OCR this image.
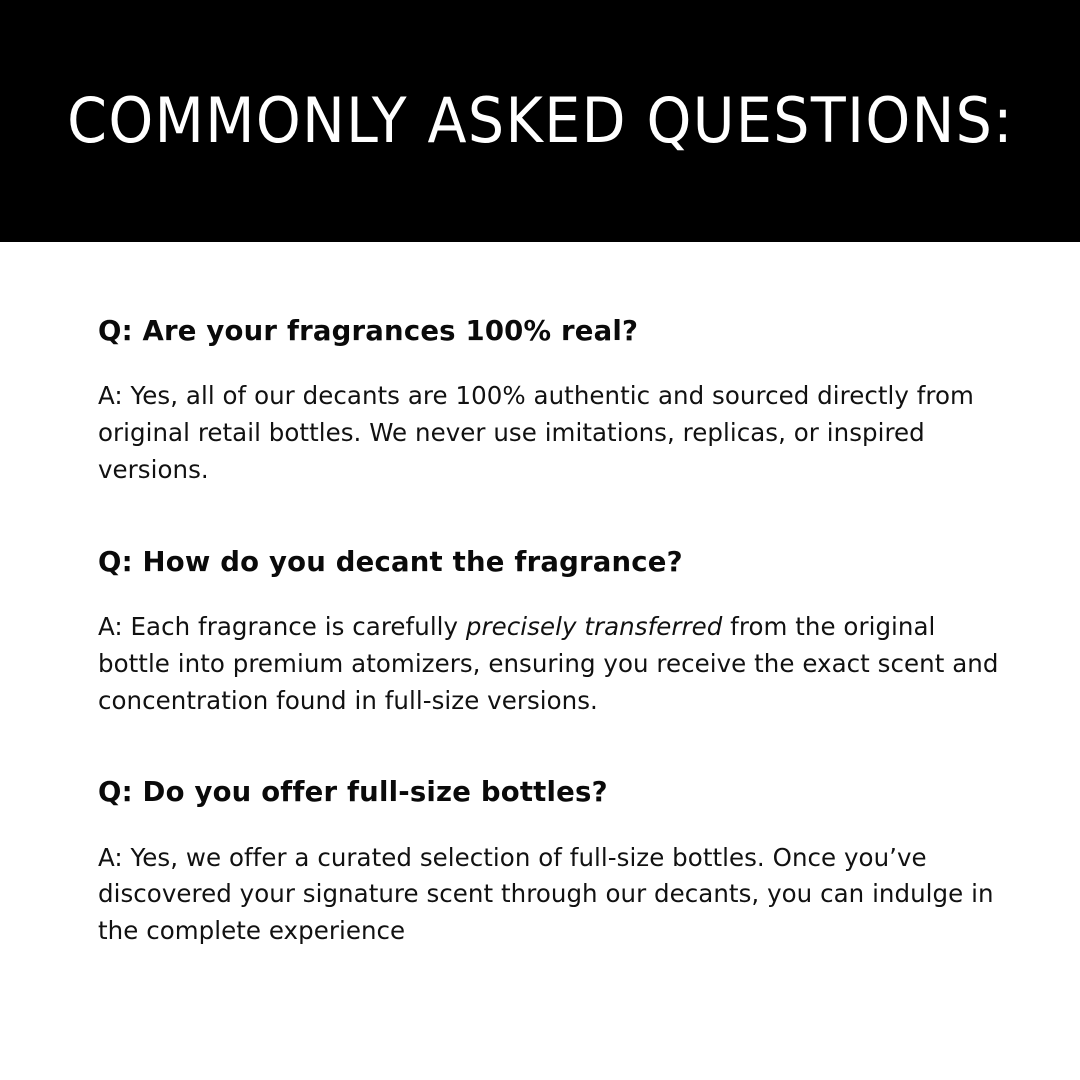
COMMONLY ASKED QUESTIONS:

Q: Are your fragrances 100% real?

A: Yes, all of our decants are 100% authentic and sourced directly from original retail bottles. We never use imitations, replicas, or inspired versions.

Q: How do you decant the fragrance?

A: Each fragrance is carefully precisely transferred from the original bottle into premium atomizers, ensuring you receive the exact scent and concentration found in full-size versions.

Q: Do you offer full-size bottles?

A: Yes, we offer a curated selection of full-size bottles. Once you’ve discovered your signature scent through our decants, you can indulge in the complete experience
